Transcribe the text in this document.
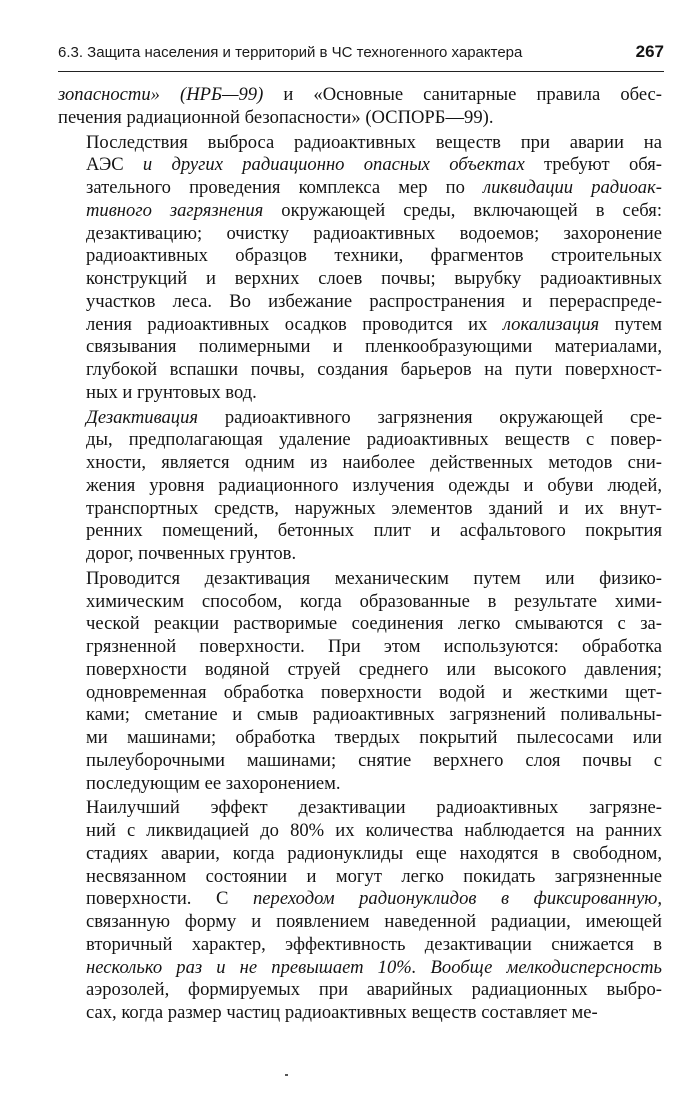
6.3. Защита населения и территорий в ЧС техногенного характера	267

зопасности» (НРБ—99) и «Основные санитарные правила обес-
печения радиационной безопасности» (ОСПОРБ—99).

Последствия выброса радиоактивных веществ при аварии на
АЭС и других радиационно опасных объектах требуют обя-
зательного проведения комплекса мер по ликвидации радиоак-
тивного загрязнения окружающей среды, включающей в себя:
дезактивацию; очистку радиоактивных водоемов; захоронение
радиоактивных образцов техники, фрагментов строительных
конструкций и верхних слоев почвы; вырубку радиоактивных
участков леса. Во избежание распространения и перераспреде-
ления радиоактивных осадков проводится их локализация путем
связывания полимерными и пленкообразующими материалами,
глубокой вспашки почвы, создания барьеров на пути поверхност-
ных и грунтовых вод.

Дезактивация радиоактивного загрязнения окружающей сре-
ды, предполагающая удаление радиоактивных веществ с повер-
хности, является одним из наиболее действенных методов сни-
жения уровня радиационного излучения одежды и обуви людей,
транспортных средств, наружных элементов зданий и их внут-
ренних помещений, бетонных плит и асфальтового покрытия
дорог, почвенных грунтов.

Проводится дезактивация механическим путем или физико-
химическим способом, когда образованные в результате хими-
ческой реакции растворимые соединения легко смываются с за-
грязненной поверхности. При этом используются: обработка
поверхности водяной струей среднего или высокого давления;
одновременная обработка поверхности водой и жесткими щет-
ками; сметание и смыв радиоактивных загрязнений поливальны-
ми машинами; обработка твердых покрытий пылесосами или
пылеуборочными машинами; снятие верхнего слоя почвы с
последующим ее захоронением.

Наилучший эффект дезактивации радиоактивных загрязне-
ний с ликвидацией до 80% их количества наблюдается на ранних
стадиях аварии, когда радионуклиды еще находятся в свободном,
несвязанном состоянии и могут легко покидать загрязненные
поверхности. С переходом радионуклидов в фиксированную,
связанную форму и появлением наведенной радиации, имеющей
вторичный характер, эффективность дезактивации снижается в
несколько раз и не превышает 10%. Вообще мелкодисперсность
аэрозолей, формируемых при аварийных радиационных выбро-
сах, когда размер частиц радиоактивных веществ составляет ме-
